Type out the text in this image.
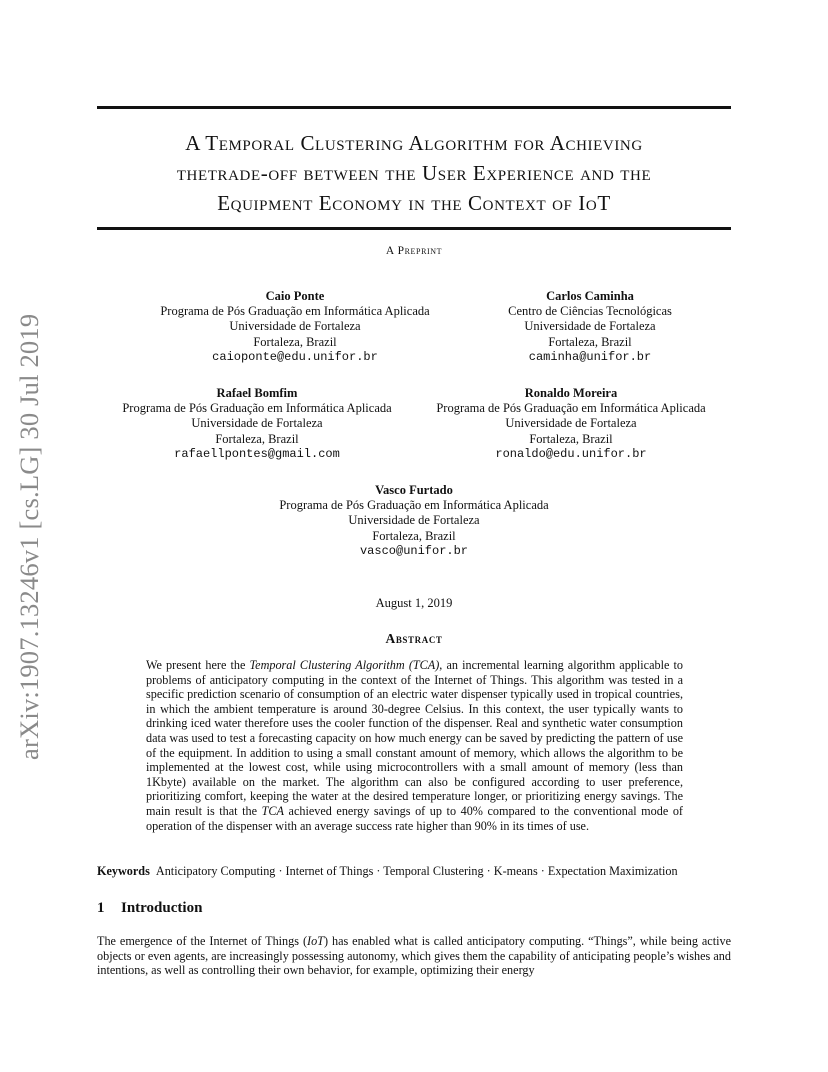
arXiv:1907.13246v1 [cs.LG] 30 Jul 2019
A Temporal Clustering Algorithm for Achieving
thetrade-off between the User Experience and the
Equipment Economy in the Context of IoT
A Preprint
Caio Ponte
Programa de Pós Graduação em Informática Aplicada
Universidade de Fortaleza
Fortaleza, Brazil
caioponte@edu.unifor.br
Carlos Caminha
Centro de Ciências Tecnológicas
Universidade de Fortaleza
Fortaleza, Brazil
caminha@unifor.br
Rafael Bomfim
Programa de Pós Graduação em Informática Aplicada
Universidade de Fortaleza
Fortaleza, Brazil
rafaellpontes@gmail.com
Ronaldo Moreira
Programa de Pós Graduação em Informática Aplicada
Universidade de Fortaleza
Fortaleza, Brazil
ronaldo@edu.unifor.br
Vasco Furtado
Programa de Pós Graduação em Informática Aplicada
Universidade de Fortaleza
Fortaleza, Brazil
vasco@unifor.br
August 1, 2019
Abstract
We present here the Temporal Clustering Algorithm (TCA), an incremental learning algorithm applicable to problems of anticipatory computing in the context of the Internet of Things. This algorithm was tested in a specific prediction scenario of consumption of an electric water dispenser typically used in tropical countries, in which the ambient temperature is around 30-degree Celsius. In this context, the user typically wants to drinking iced water therefore uses the cooler function of the dispenser. Real and synthetic water consumption data was used to test a forecasting capacity on how much energy can be saved by predicting the pattern of use of the equipment. In addition to using a small constant amount of memory, which allows the algorithm to be implemented at the lowest cost, while using microcontrollers with a small amount of memory (less than 1Kbyte) available on the market. The algorithm can also be configured according to user preference, prioritizing comfort, keeping the water at the desired temperature longer, or prioritizing energy savings. The main result is that the TCA achieved energy savings of up to 40% compared to the conventional mode of operation of the dispenser with an average success rate higher than 90% in its times of use.
Keywords Anticipatory Computing · Internet of Things · Temporal Clustering · K-means · Expectation Maximization
1 Introduction
The emergence of the Internet of Things (IoT) has enabled what is called anticipatory computing. “Things”, while being active objects or even agents, are increasingly possessing autonomy, which gives them the capability of anticipating people’s wishes and intentions, as well as controlling their own behavior, for example, optimizing their energy
